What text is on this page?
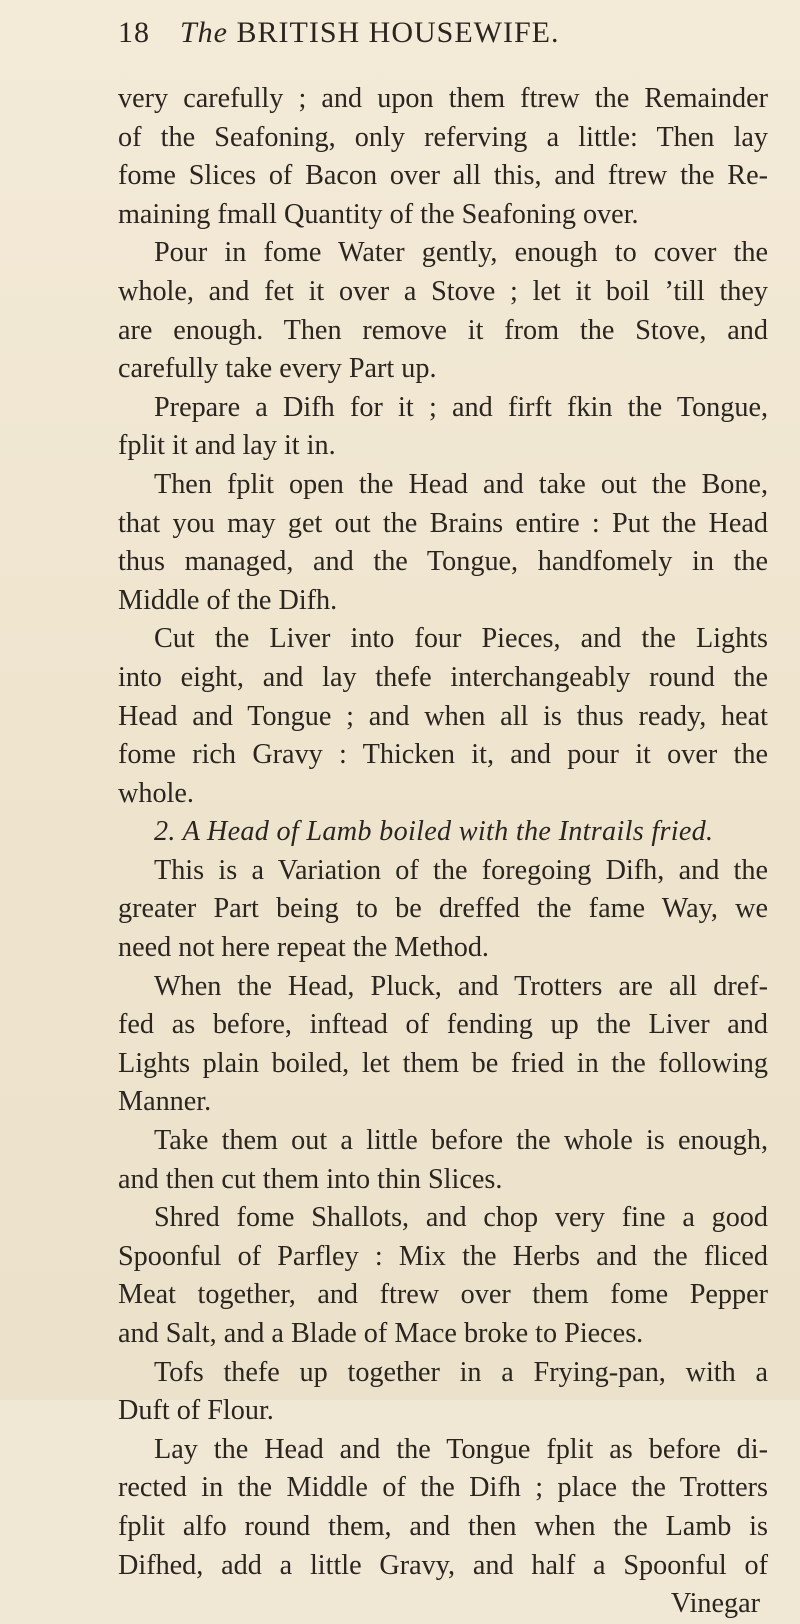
18	The BRITISH HOUSEWIFE.
very carefully ; and upon them ftrew the Remainder
of the Seafoning, only referving a little: Then lay
fome Slices of Bacon over all this, and ftrew the Re-
maining fmall Quantity of the Seafoning over.
Pour in fome Water gently, enough to cover the
whole, and fet it over a Stove ; let it boil ’till they
are enough. Then remove it from the Stove, and
carefully take every Part up.
Prepare a Difh for it ; and firft fkin the Tongue,
fplit it and lay it in.
Then fplit open the Head and take out the Bone,
that you may get out the Brains entire : Put the Head
thus managed, and the Tongue, handfomely in the
Middle of the Difh.
Cut the Liver into four Pieces, and the Lights
into eight, and lay thefe interchangeably round the
Head and Tongue ; and when all is thus ready, heat
fome rich Gravy : Thicken it, and pour it over the
whole.
2. A Head of Lamb boiled with the Intrails fried.
This is a Variation of the foregoing Difh, and the
greater Part being to be dreffed the fame Way, we
need not here repeat the Method.
When the Head, Pluck, and Trotters are all dref-
fed as before, inftead of fending up the Liver and
Lights plain boiled, let them be fried in the following
Manner.
Take them out a little before the whole is enough,
and then cut them into thin Slices.
Shred fome Shallots, and chop very fine a good
Spoonful of Parfley : Mix the Herbs and the fliced
Meat together, and ftrew over them fome Pepper
and Salt, and a Blade of Mace broke to Pieces.
Tofs thefe up together in a Frying-pan, with a
Duft of Flour.
Lay the Head and the Tongue fplit as before di-
rected in the Middle of the Difh ; place the Trotters
fplit alfo round them, and then when the Lamb is
Difhed, add a little Gravy, and half a Spoonful of
Vinegar
